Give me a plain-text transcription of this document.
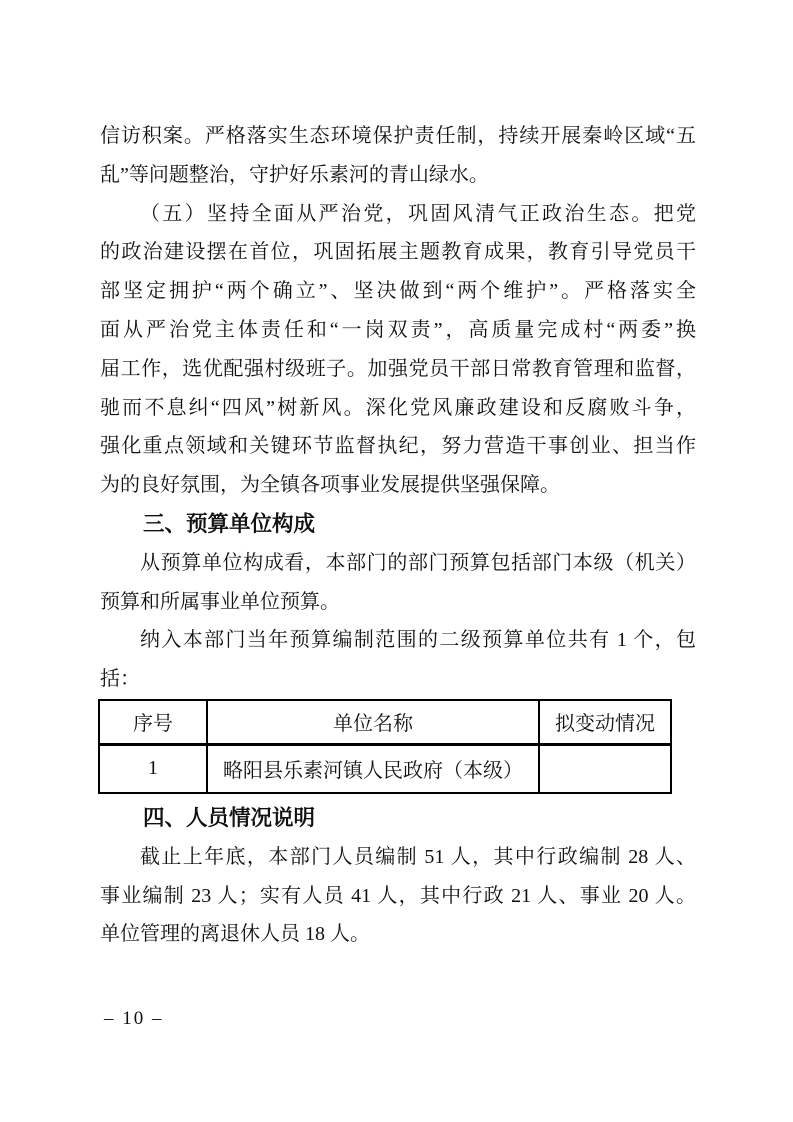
信访积案。严格落实生态环境保护责任制，持续开展秦岭区域“五

乱”等问题整治，守护好乐素河的青山绿水。

（五）坚持全面从严治党，巩固风清气正政治生态。把党

的政治建设摆在首位，巩固拓展主题教育成果，教育引导党员干

部坚定拥护“两个确立”、坚决做到“两个维护”。严格落实全

面从严治党主体责任和“一岗双责”，高质量完成村“两委”换

届工作，选优配强村级班子。加强党员干部日常教育管理和监督，

驰而不息纠“四风”树新风。深化党风廉政建设和反腐败斗争，

强化重点领域和关键环节监督执纪，努力营造干事创业、担当作

为的良好氛围，为全镇各项事业发展提供坚强保障。

三、预算单位构成

从预算单位构成看，本部门的部门预算包括部门本级（机关）

预算和所属事业单位预算。

纳入本部门当年预算编制范围的二级预算单位共有 1 个，包

括：

序号	单位名称	拟变动情况
1	略阳县乐素河镇人民政府（本级）	

四、人员情况说明

截止上年底，本部门人员编制 51 人，其中行政编制 28 人、

事业编制 23 人；实有人员 41 人，其中行政 21 人、事业 20 人。

单位管理的离退休人员 18 人。

– 10 –
